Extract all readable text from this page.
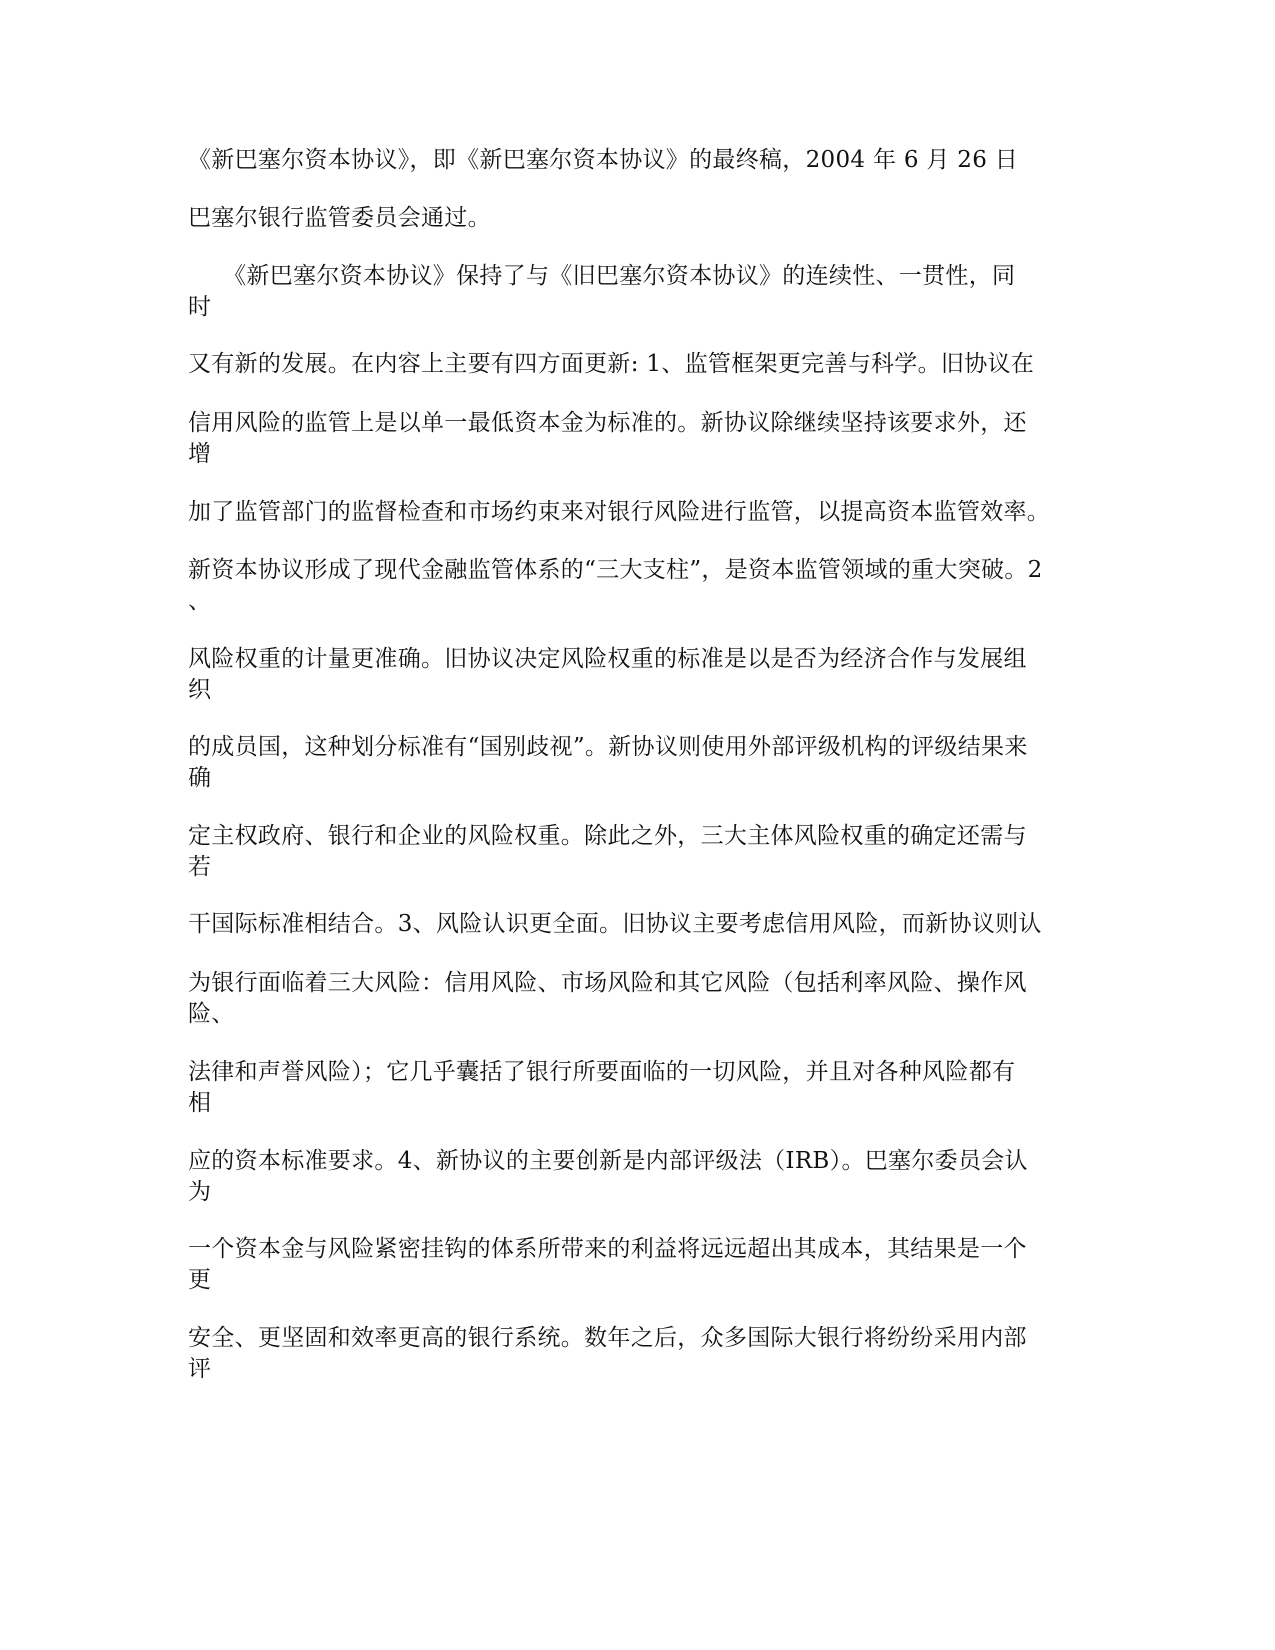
《新巴塞尔资本协议》，即《新巴塞尔资本协议》的最终稿，2004 年 6 月 26 日
巴塞尔银行监管委员会通过。
　　《新巴塞尔资本协议》保持了与《旧巴塞尔资本协议》的连续性、一贯性，同
时
又有新的发展。在内容上主要有四方面更新: 1、监管框架更完善与科学。旧协议在
信用风险的监管上是以单一最低资本金为标准的。新协议除继续坚持该要求外，还
增
加了监管部门的监督检查和市场约束来对银行风险进行监管，以提高资本监管效率。
新资本协议形成了现代金融监管体系的“三大支柱”，是资本监管领域的重大突破。2
、
风险权重的计量更准确。旧协议决定风险权重的标准是以是否为经济合作与发展组
织
的成员国，这种划分标准有“国别歧视”。新协议则使用外部评级机构的评级结果来
确
定主权政府、银行和企业的风险权重。除此之外，三大主体风险权重的确定还需与
若
干国际标准相结合。3、风险认识更全面。旧协议主要考虑信用风险，而新协议则认
为银行面临着三大风险：信用风险、市场风险和其它风险（包括利率风险、操作风
险、
法律和声誉风险）；它几乎囊括了银行所要面临的一切风险，并且对各种风险都有
相
应的资本标准要求。4、新协议的主要创新是内部评级法（IRB）。巴塞尔委员会认
为
一个资本金与风险紧密挂钩的体系所带来的利益将远远超出其成本，其结果是一个
更
安全、更坚固和效率更高的银行系统。数年之后，众多国际大银行将纷纷采用内部
评
